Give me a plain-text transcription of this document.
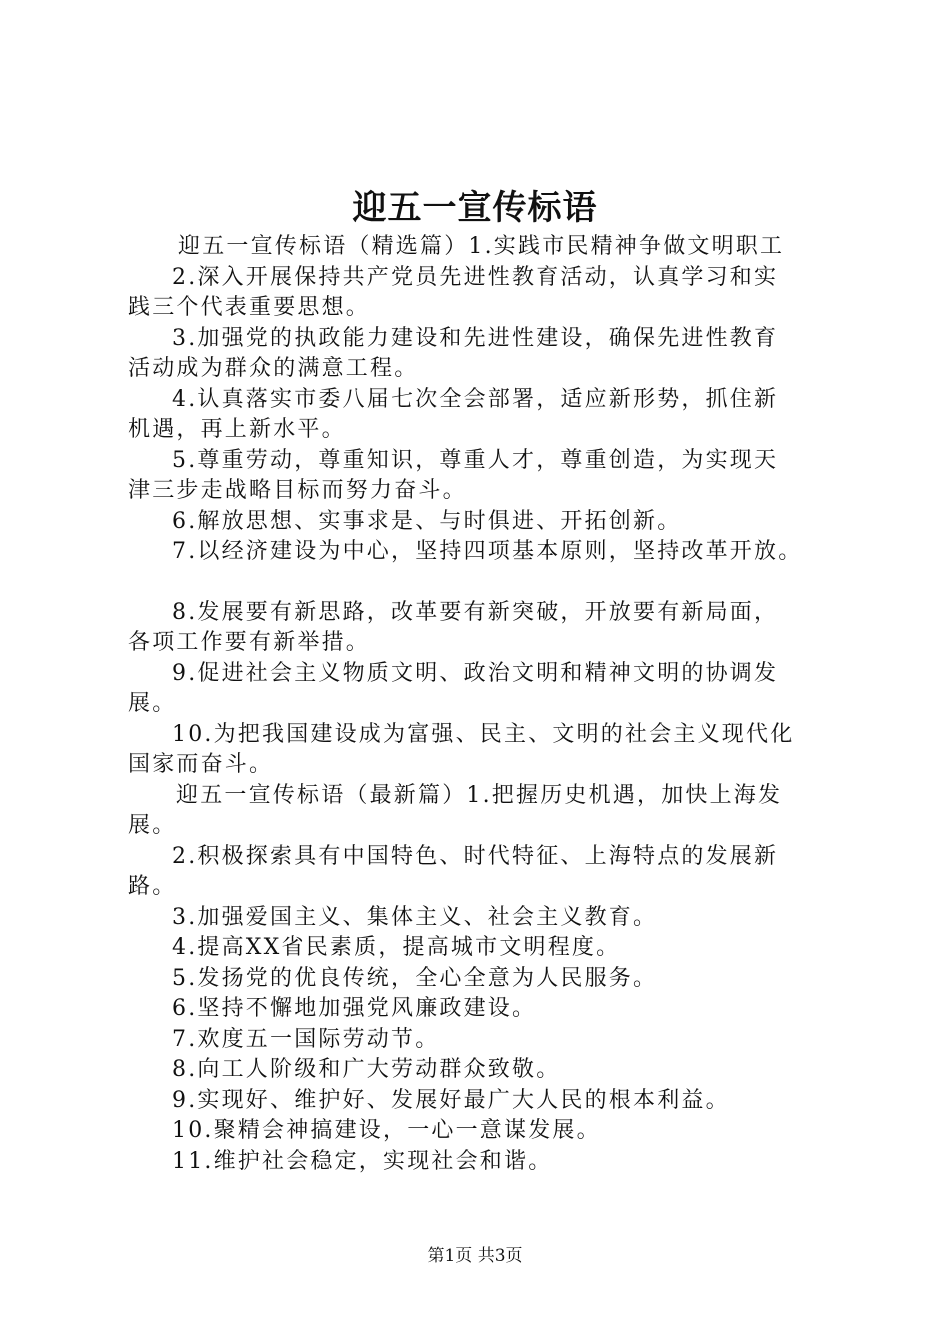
迎五一宣传标语

迎五一宣传标语（精选篇）1.实践市民精神争做文明职工

2.深入开展保持共产党员先进性教育活动，认真学习和实

践三个代表重要思想。

3.加强党的执政能力建设和先进性建设，确保先进性教育

活动成为群众的满意工程。

4.认真落实市委八届七次全会部署，适应新形势，抓住新

机遇，再上新水平。

5.尊重劳动，尊重知识，尊重人才，尊重创造，为实现天

津三步走战略目标而努力奋斗。

6.解放思想、实事求是、与时俱进、开拓创新。

7.以经济建设为中心，坚持四项基本原则，坚持改革开放。

8.发展要有新思路，改革要有新突破，开放要有新局面，

各项工作要有新举措。

9.促进社会主义物质文明、政治文明和精神文明的协调发

展。

10.为把我国建设成为富强、民主、文明的社会主义现代化

国家而奋斗。

迎五一宣传标语（最新篇）1.把握历史机遇，加快上海发

展。

2.积极探索具有中国特色、时代特征、上海特点的发展新

路。

3.加强爱国主义、集体主义、社会主义教育。

4.提高XX省民素质，提高城市文明程度。

5.发扬党的优良传统，全心全意为人民服务。

6.坚持不懈地加强党风廉政建设。

7.欢度五一国际劳动节。

8.向工人阶级和广大劳动群众致敬。

9.实现好、维护好、发展好最广大人民的根本利益。

10.聚精会神搞建设，一心一意谋发展。

11.维护社会稳定，实现社会和谐。

第1页 共3页
